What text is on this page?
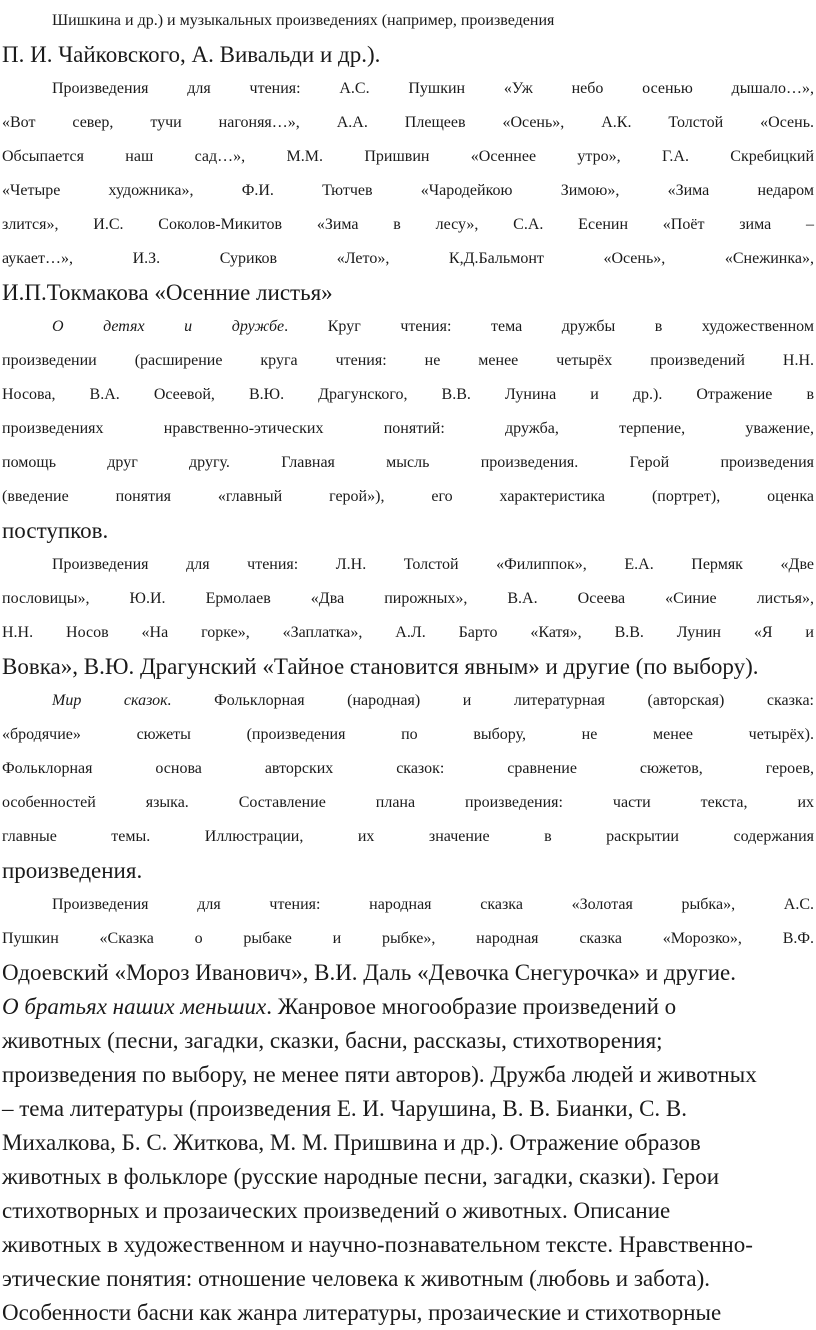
Шишкина и др.) и музыкальных произведениях (например, произведения
П. И. Чайковского, А. Вивальди и др.).
Произведения для чтения: А.С. Пушкин «Уж небо осенью дышало…»,
«Вот север, тучи нагоняя…», А.А. Плещеев «Осень», А.К. Толстой «Осень.
Обсыпается наш сад…», М.М. Пришвин «Осеннее утро», Г.А. Скребицкий
«Четыре художника», Ф.И. Тютчев «Чародейкою Зимою», «Зима недаром
злится», И.С. Соколов-Микитов «Зима в лесу», С.А. Есенин «Поёт зима –
аукает…», И.З. Суриков «Лето», К,Д.Бальмонт «Осень», «Снежинка»,
И.П.Токмакова «Осенние листья»
О детях и дружбе. Круг чтения: тема дружбы в художественном
произведении (расширение круга чтения: не менее четырёх произведений Н.Н.
Носова, В.А. Осеевой, В.Ю. Драгунского, В.В. Лунина и др.). Отражение в
произведениях нравственно-этических понятий: дружба, терпение, уважение,
помощь друг другу. Главная мысль произведения. Герой произведения
(введение понятия «главный герой»), его характеристика (портрет), оценка
поступков.
Произведения для чтения: Л.Н. Толстой «Филиппок», Е.А. Пермяк «Две
пословицы», Ю.И. Ермолаев «Два пирожных», В.А. Осеева «Синие листья»,
Н.Н. Носов «На горке», «Заплатка», А.Л. Барто «Катя», В.В. Лунин «Я и
Вовка», В.Ю. Драгунский «Тайное становится явным» и другие (по выбору).
Мир сказок. Фольклорная (народная) и литературная (авторская) сказка:
«бродячие» сюжеты (произведения по выбору, не менее четырёх).
Фольклорная основа авторских сказок: сравнение сюжетов, героев,
особенностей языка. Составление плана произведения: части текста, их
главные темы. Иллюстрации, их значение в раскрытии содержания
произведения.
Произведения для чтения: народная сказка «Золотая рыбка», А.С.
Пушкин «Сказка о рыбаке и рыбке», народная сказка «Морозко», В.Ф.
Одоевский «Мороз Иванович», В.И. Даль «Девочка Снегурочка» и другие.
О братьях наших меньших. Жанровое многообразие произведений о
животных (песни, загадки, сказки, басни, рассказы, стихотворения;
произведения по выбору, не менее пяти авторов). Дружба людей и животных
– тема литературы (произведения Е. И. Чарушина, В. В. Бианки, С. В.
Михалкова, Б. С. Житкова, М. М. Пришвина и др.). Отражение образов
животных в фольклоре (русские народные песни, загадки, сказки). Герои
стихотворных и прозаических произведений о животных. Описание
животных в художественном и научно-познавательном тексте. Нравственно-
этические понятия: отношение человека к животным (любовь и забота).
Особенности басни как жанра литературы, прозаические и стихотворные
